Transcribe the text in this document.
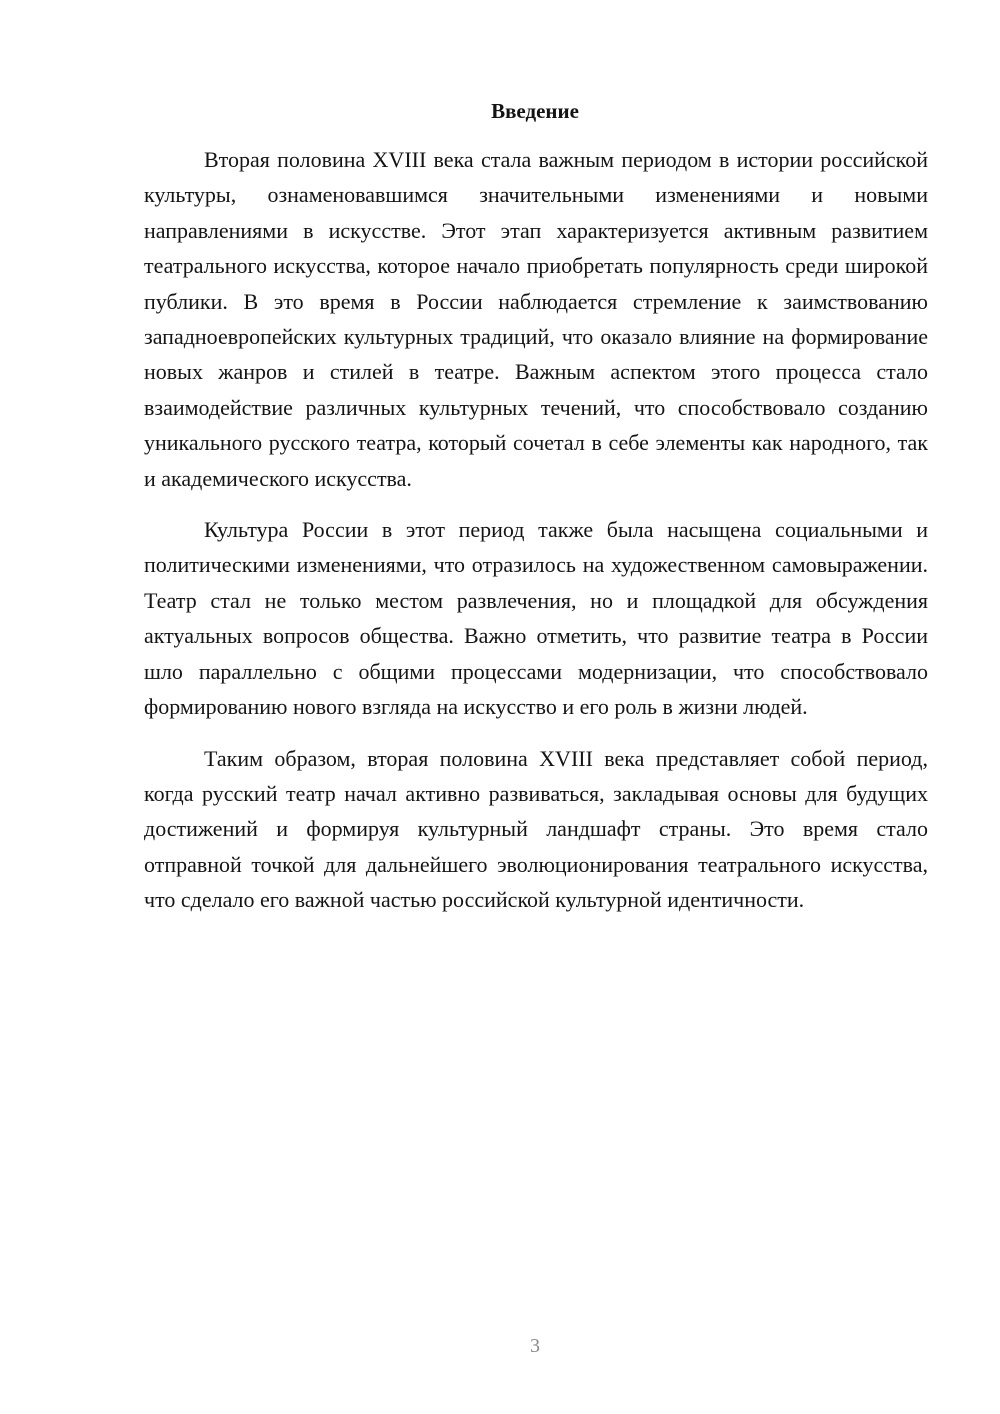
Введение

Вторая половина XVIII века стала важным периодом в истории российской культуры, ознаменовавшимся значительными изменениями и новыми направлениями в искусстве. Этот этап характеризуется активным развитием театрального искусства, которое начало приобретать популярность среди широкой публики. В это время в России наблюдается стремление к заимствованию западноевропейских культурных традиций, что оказало влияние на формирование новых жанров и стилей в театре. Важным аспектом этого процесса стало взаимодействие различных культурных течений, что способствовало созданию уникального русского театра, который сочетал в себе элементы как народного, так и академического искусства.

Культура России в этот период также была насыщена социальными и политическими изменениями, что отразилось на художественном самовыражении. Театр стал не только местом развлечения, но и площадкой для обсуждения актуальных вопросов общества. Важно отметить, что развитие театра в России шло параллельно с общими процессами модернизации, что способствовало формированию нового взгляда на искусство и его роль в жизни людей.

Таким образом, вторая половина XVIII века представляет собой период, когда русский театр начал активно развиваться, закладывая основы для будущих достижений и формируя культурный ландшафт страны. Это время стало отправной точкой для дальнейшего эволюционирования театрального искусства, что сделало его важной частью российской культурной идентичности.

3
